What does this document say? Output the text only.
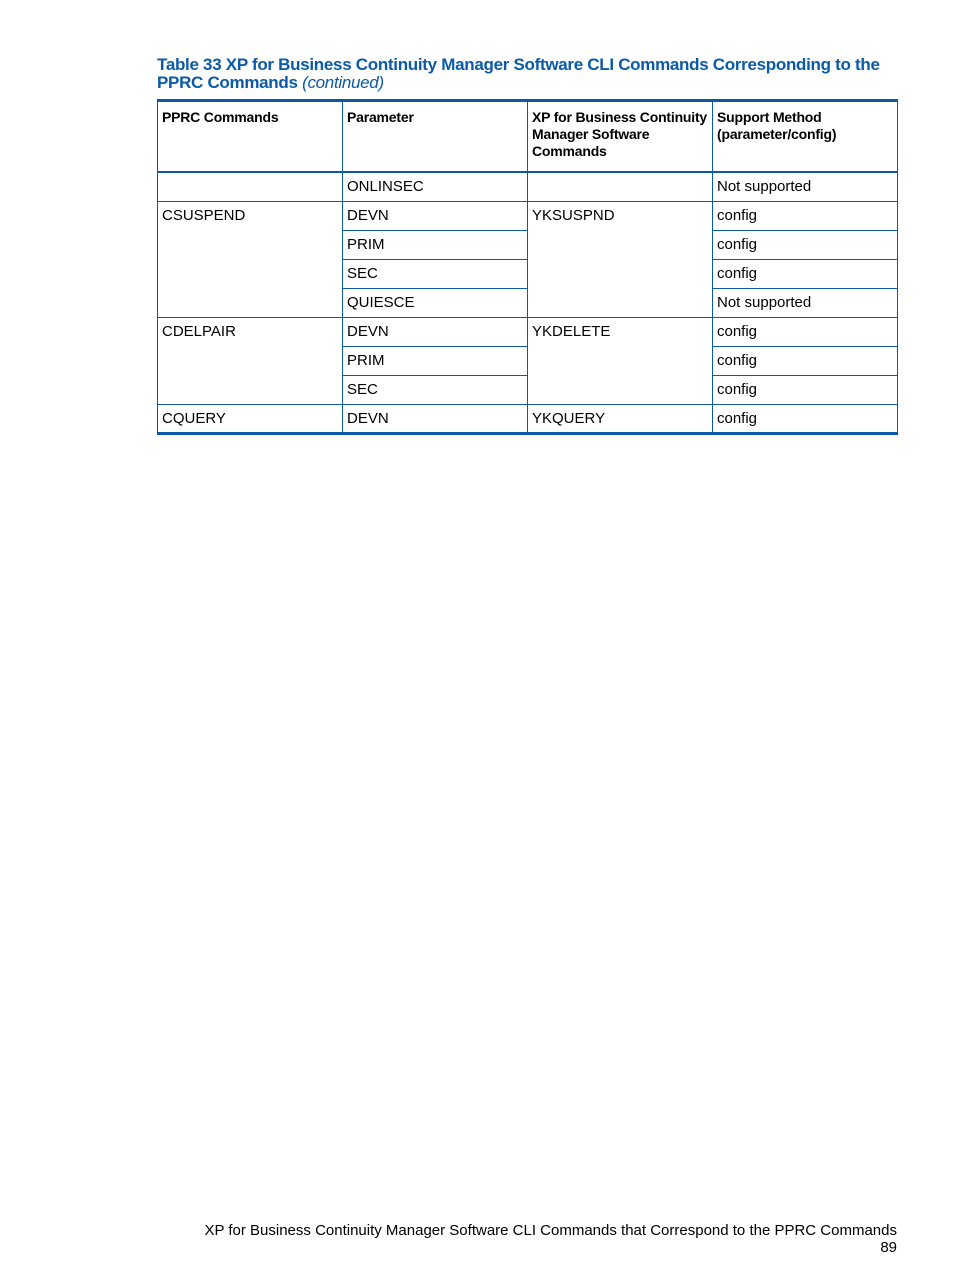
Table 33 XP for Business Continuity Manager Software CLI Commands Corresponding to the PPRC Commands (continued)
PPRC Commands	Parameter	XP for Business Continuity Manager Software Commands	Support Method (parameter/config)
	ONLINSEC		Not supported
CSUSPEND	DEVN	YKSUSPND	config
	PRIM		config
	SEC		config
	QUIESCE		Not supported
CDELPAIR	DEVN	YKDELETE	config
	PRIM		config
	SEC		config
CQUERY	DEVN	YKQUERY	config
XP for Business Continuity Manager Software CLI Commands that Correspond to the PPRC Commands89
